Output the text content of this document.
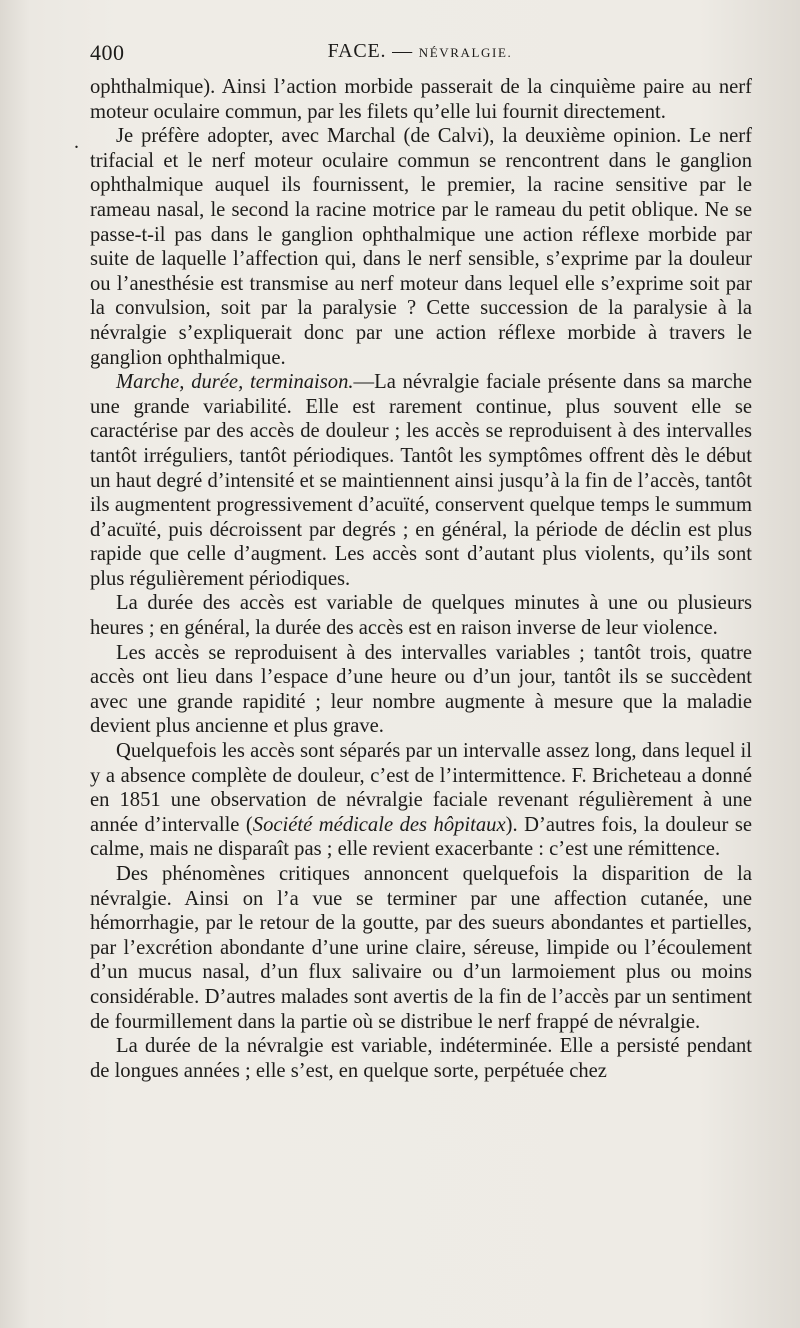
400	FACE. — NÉVRALGIE.
.

ophthalmique). Ainsi l’action morbide passerait de la cinquième paire au nerf moteur oculaire commun, par les filets qu’elle lui fournit directement.

Je préfère adopter, avec Marchal (de Calvi), la deuxième opinion. Le nerf trifacial et le nerf moteur oculaire commun se rencontrent dans le ganglion ophthalmique auquel ils fournissent, le premier, la racine sensitive par le rameau nasal, le second la racine motrice par le rameau du petit oblique. Ne se passe-t-il pas dans le ganglion ophthalmique une action réflexe morbide par suite de laquelle l’affection qui, dans le nerf sensible, s’exprime par la douleur ou l’anesthésie est transmise au nerf moteur dans lequel elle s’exprime soit par la convulsion, soit par la paralysie ? Cette succession de la paralysie à la névralgie s’expliquerait donc par une action réflexe morbide à travers le ganglion ophthalmique.

Marche, durée, terminaison.—La névralgie faciale présente dans sa marche une grande variabilité. Elle est rarement continue, plus souvent elle se caractérise par des accès de douleur ; les accès se reproduisent à des intervalles tantôt irréguliers, tantôt périodiques. Tantôt les symptômes offrent dès le début un haut degré d’intensité et se maintiennent ainsi jusqu’à la fin de l’accès, tantôt ils augmentent progressivement d’acuïté, conservent quelque temps le summum d’acuïté, puis décroissent par degrés ; en général, la période de déclin est plus rapide que celle d’augment. Les accès sont d’autant plus violents, qu’ils sont plus régulièrement périodiques.

La durée des accès est variable de quelques minutes à une ou plusieurs heures ; en général, la durée des accès est en raison inverse de leur violence.

Les accès se reproduisent à des intervalles variables ; tantôt trois, quatre accès ont lieu dans l’espace d’une heure ou d’un jour, tantôt ils se succèdent avec une grande rapidité ; leur nombre augmente à mesure que la maladie devient plus ancienne et plus grave.

Quelquefois les accès sont séparés par un intervalle assez long, dans lequel il y a absence complète de douleur, c’est de l’intermittence. F. Bricheteau a donné en 1851 une observation de névralgie faciale revenant régulièrement à une année d’intervalle (Société médicale des hôpitaux). D’autres fois, la douleur se calme, mais ne disparaît pas ; elle revient exacerbante : c’est une rémittence.

Des phénomènes critiques annoncent quelquefois la disparition de la névralgie. Ainsi on l’a vue se terminer par une affection cutanée, une hémorrhagie, par le retour de la goutte, par des sueurs abondantes et partielles, par l’excrétion abondante d’une urine claire, séreuse, limpide ou l’écoulement d’un mucus nasal, d’un flux salivaire ou d’un larmoiement plus ou moins considérable. D’autres malades sont avertis de la fin de l’accès par un sentiment de fourmillement dans la partie où se distribue le nerf frappé de névralgie.

La durée de la névralgie est variable, indéterminée. Elle a persisté pendant de longues années ; elle s’est, en quelque sorte, perpétuée chez
